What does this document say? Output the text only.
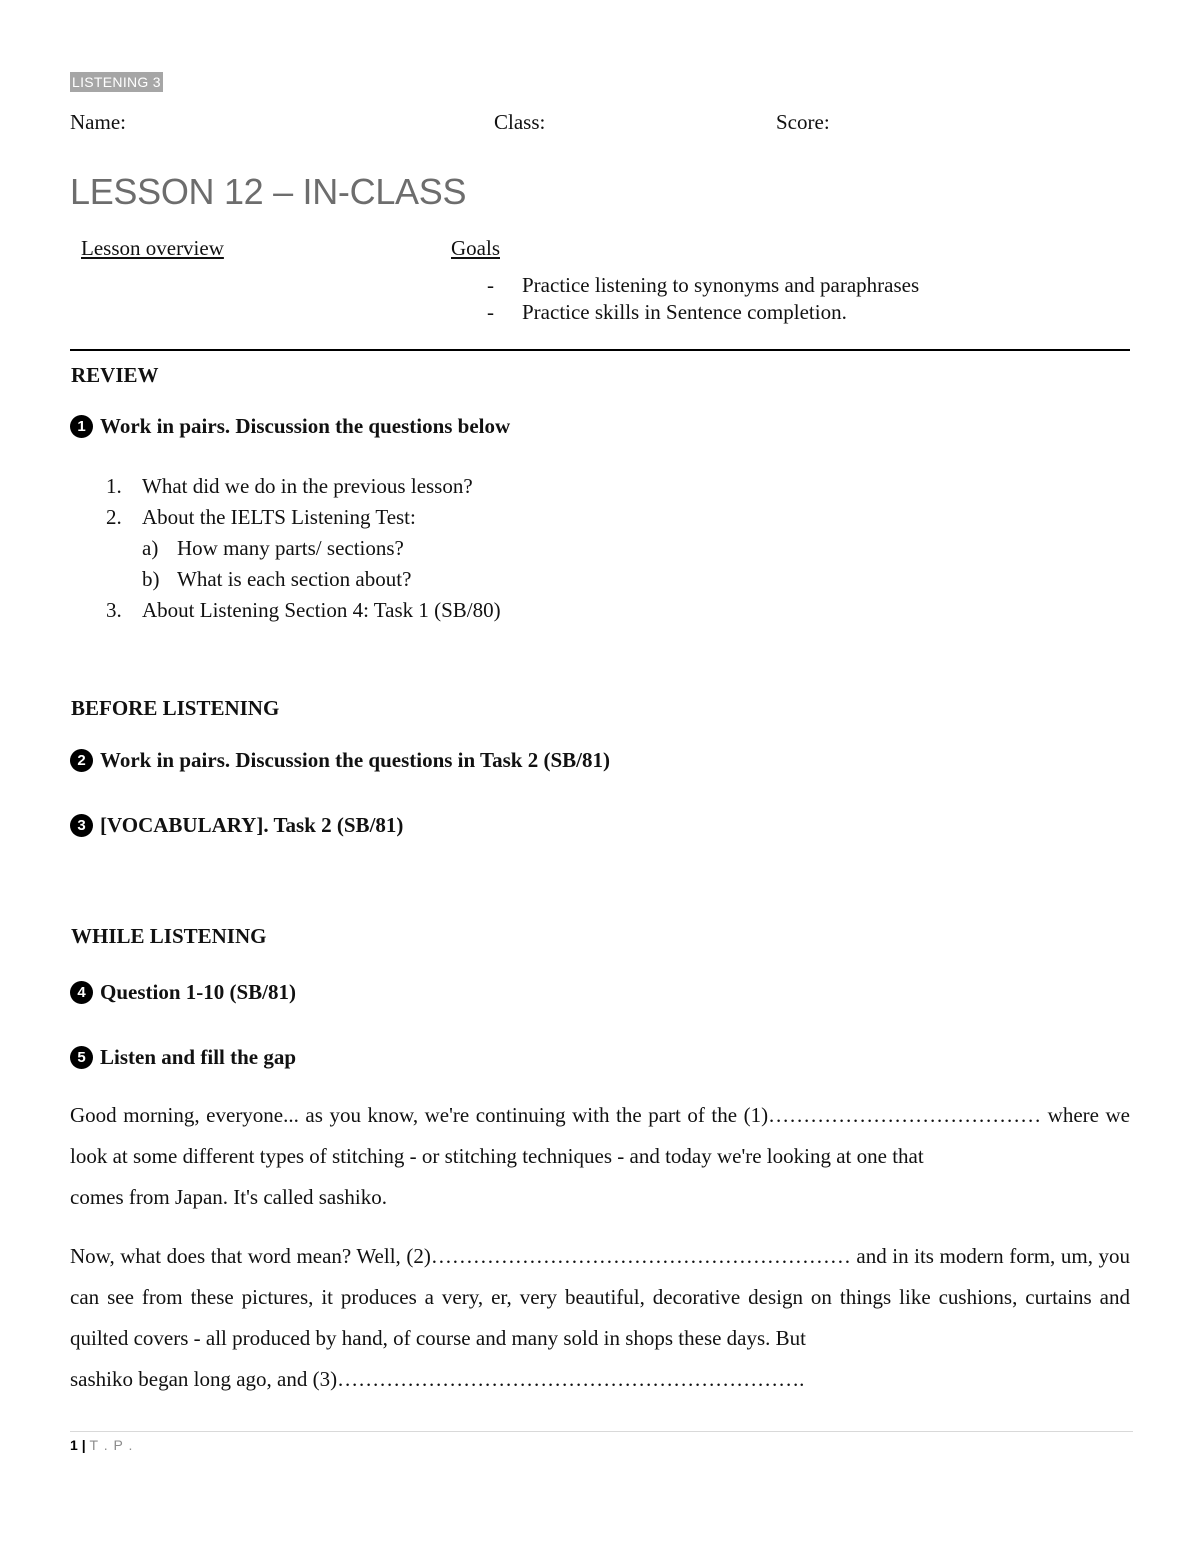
LISTENING 3
Name:	Class:	Score:
LESSON 12 – IN-CLASS
Lesson overview	Goals
- Practice listening to synonyms and paraphrases
- Practice skills in Sentence completion.
REVIEW
1 Work in pairs. Discussion the questions below
1. What did we do in the previous lesson?
2. About the IELTS Listening Test:
a) How many parts/ sections?
b) What is each section about?
3. About Listening Section 4: Task 1 (SB/80)
BEFORE LISTENING
2 Work in pairs. Discussion the questions in Task 2 (SB/81)
3 [VOCABULARY]. Task 2 (SB/81)
WHILE LISTENING
4 Question 1-10 (SB/81)
5 Listen and fill the gap

Good morning, everyone... as you know, we're continuing with the part of the (1)………………………………… where we look at some different types of stitching - or stitching techniques - and today we're looking at one that
comes from Japan. It's called sashiko.

Now, what does that word mean? Well, (2)…………………………………………………… and in its modern form, um, you can see from these pictures, it produces a very, er, very beautiful, decorative design on things like cushions, curtains and quilted covers - all produced by hand, of course and many sold in shops these days. But
sashiko began long ago, and (3)………………………………………………………….

1 | T . P .
